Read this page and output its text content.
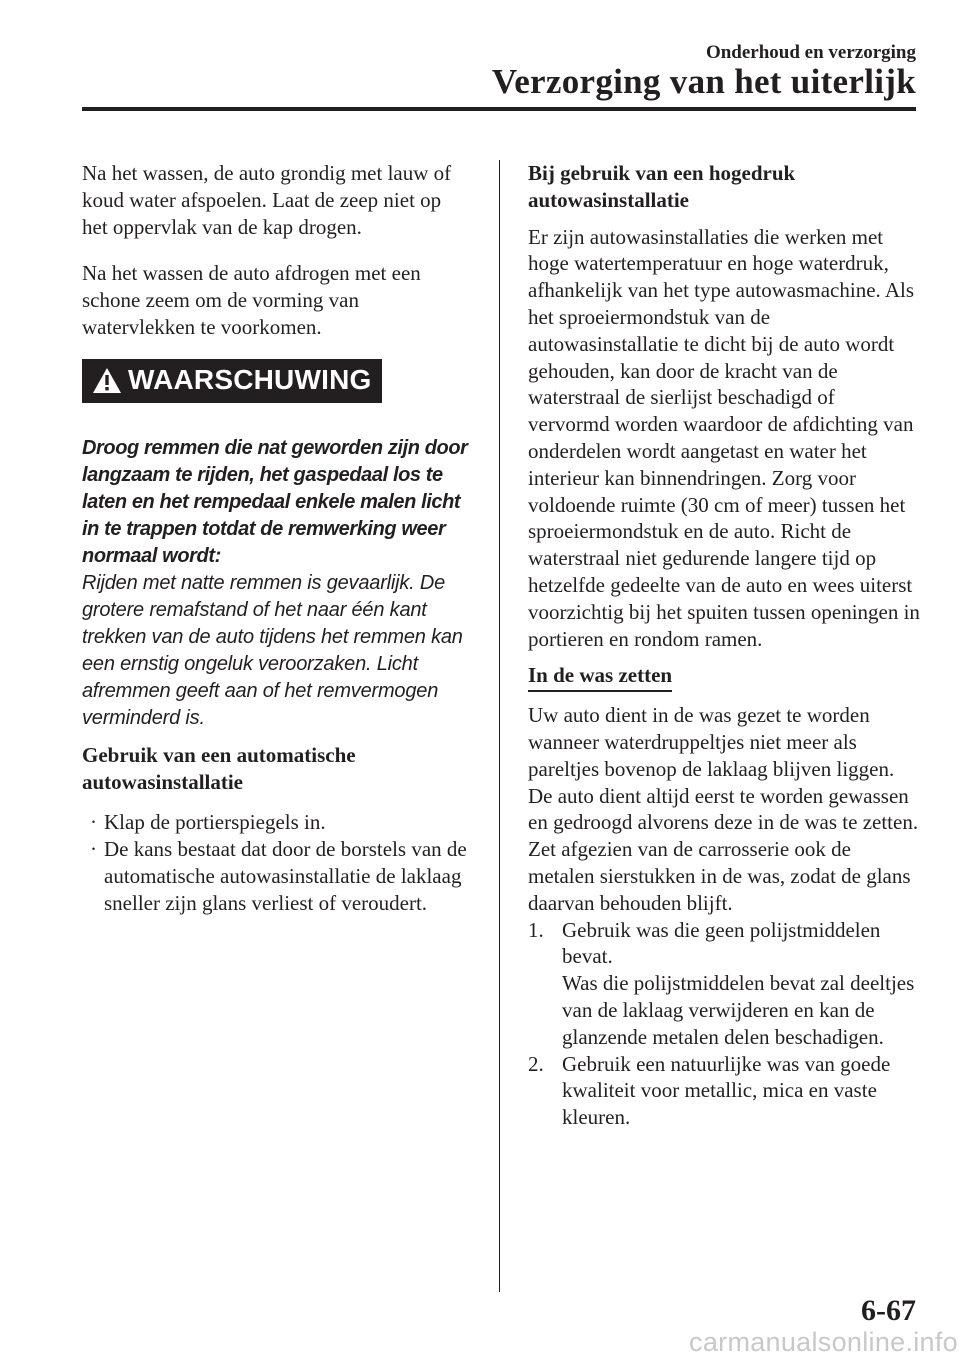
Onderhoud en verzorging
Verzorging van het uiterlijk

Na het wassen, de auto grondig met lauw of koud water afspoelen. Laat de zeep niet op het oppervlak van de kap drogen.

Na het wassen de auto afdrogen met een schone zeem om de vorming van watervlekken te voorkomen.

WAARSCHUWING
Droog remmen die nat geworden zijn door langzaam te rijden, het gaspedaal los te laten en het rempedaal enkele malen licht in te trappen totdat de remwerking weer normaal wordt:
Rijden met natte remmen is gevaarlijk. De grotere remafstand of het naar één kant trekken van de auto tijdens het remmen kan een ernstig ongeluk veroorzaken. Licht afremmen geeft aan of het remvermogen verminderd is.

Gebruik van een automatische autowasinstallatie

· Klap de portierspiegels in.
· De kans bestaat dat door de borstels van de automatische autowasinstallatie de laklaag sneller zijn glans verliest of veroudert.

Bij gebruik van een hogedruk autowasinstallatie

Er zijn autowasinstallaties die werken met hoge watertemperatuur en hoge waterdruk, afhankelijk van het type autowasmachine. Als het sproeiermondstuk van de autowasinstallatie te dicht bij de auto wordt gehouden, kan door de kracht van de waterstraal de sierlijst beschadigd of vervormd worden waardoor de afdichting van onderdelen wordt aangetast en water het interieur kan binnendringen. Zorg voor voldoende ruimte (30 cm of meer) tussen het sproeiermondstuk en de auto. Richt de waterstraal niet gedurende langere tijd op hetzelfde gedeelte van de auto en wees uiterst voorzichtig bij het spuiten tussen openingen in portieren en rondom ramen.

In de was zetten

Uw auto dient in de was gezet te worden wanneer waterdruppeltjes niet meer als pareltjes bovenop de laklaag blijven liggen.

De auto dient altijd eerst te worden gewassen en gedroogd alvorens deze in de was te zetten. Zet afgezien van de carrosserie ook de metalen sierstukken in de was, zodat de glans daarvan behouden blijft.

1. Gebruik was die geen polijstmiddelen bevat.
Was die polijstmiddelen bevat zal deeltjes van de laklaag verwijderen en kan de glanzende metalen delen beschadigen.
2. Gebruik een natuurlijke was van goede kwaliteit voor metallic, mica en vaste kleuren.
6-67
carmanualsonline.info
